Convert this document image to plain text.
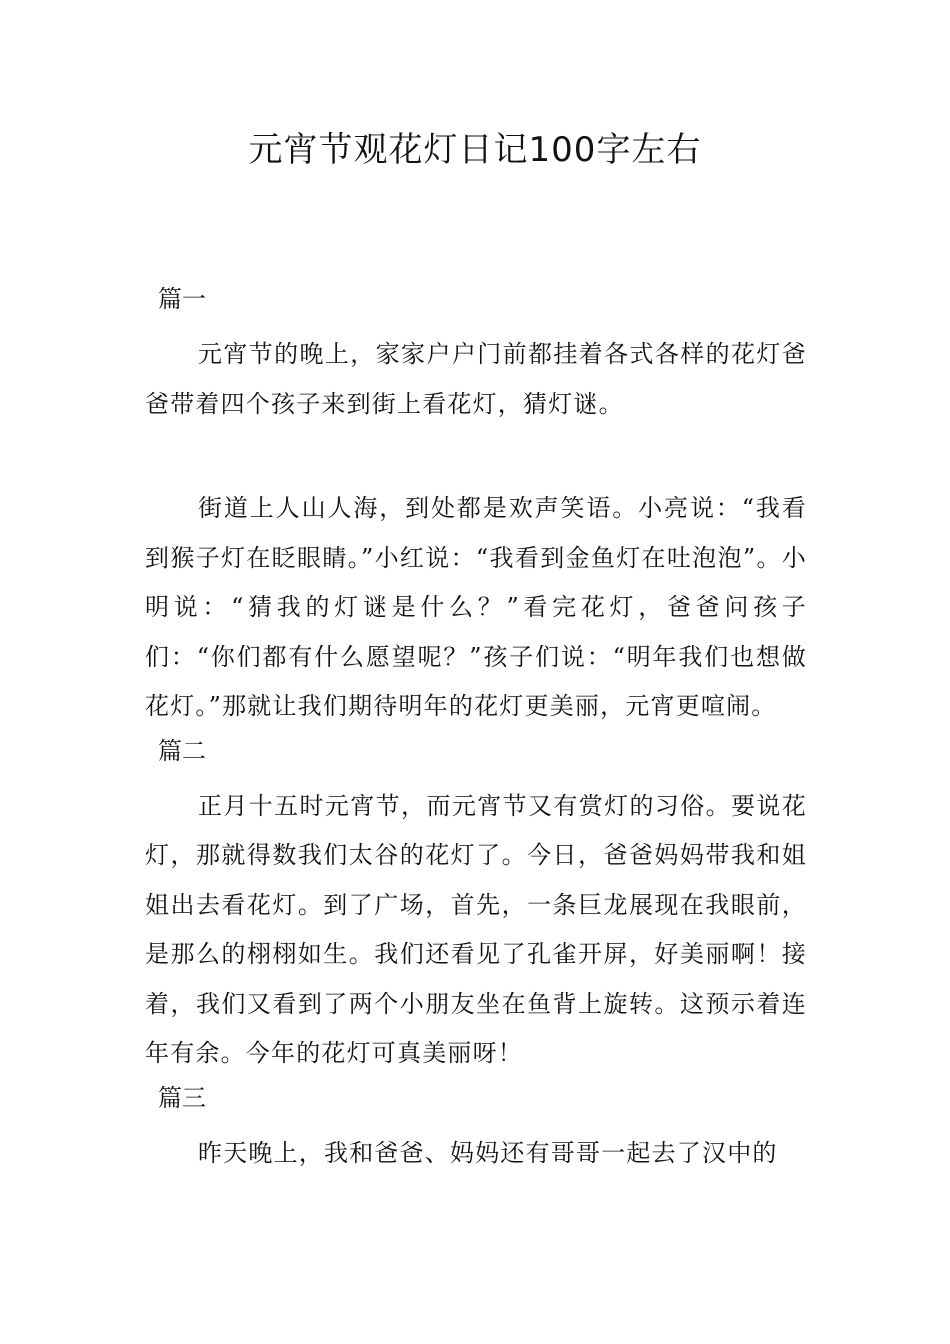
元宵节观花灯日记100字左右
篇一

元宵节的晚上，家家户户门前都挂着各式各样的花灯爸爸带着四个孩子来到街上看花灯，猜灯谜。

街道上人山人海，到处都是欢声笑语。小亮说：“我看到猴子灯在眨眼睛。”小红说：“我看到金鱼灯在吐泡泡”。小明说：“猜我的灯谜是什么？”看完花灯，爸爸问孩子们：“你们都有什么愿望呢？”孩子们说：“明年我们也想做花灯。”那就让我们期待明年的花灯更美丽，元宵更喧闹。

篇二

正月十五时元宵节，而元宵节又有赏灯的习俗。要说花灯，那就得数我们太谷的花灯了。今日，爸爸妈妈带我和姐姐出去看花灯。到了广场，首先，一条巨龙展现在我眼前，是那么的栩栩如生。我们还看见了孔雀开屏，好美丽啊！接着，我们又看到了两个小朋友坐在鱼背上旋转。这预示着连年有余。今年的花灯可真美丽呀！

篇三

昨天晚上，我和爸爸、妈妈还有哥哥一起去了汉中的
